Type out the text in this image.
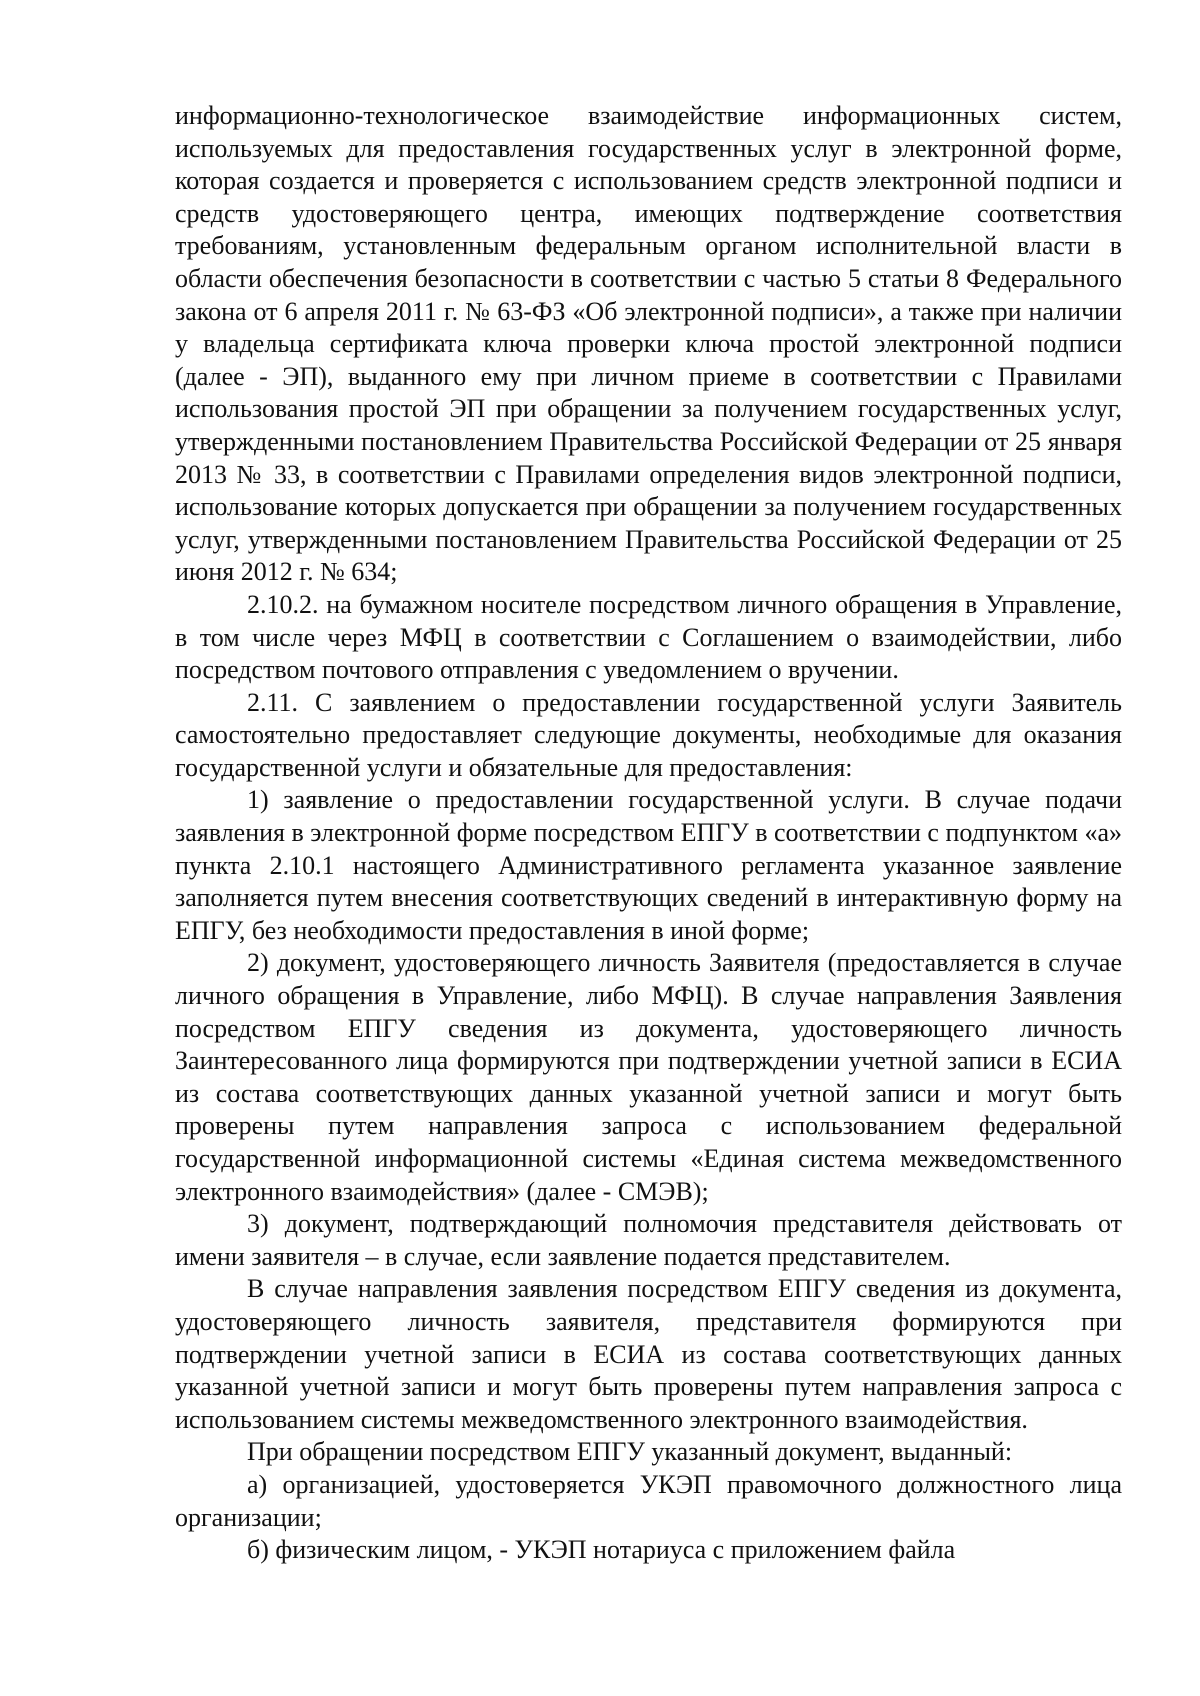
информационно-технологическое взаимодействие информационных систем, используемых для предоставления государственных услуг в электронной форме, которая создается и проверяется с использованием средств электронной подписи и средств удостоверяющего центра, имеющих подтверждение соответствия требованиям, установленным федеральным органом исполнительной власти в области обеспечения безопасности в соответствии с частью 5 статьи 8 Федерального закона от 6 апреля 2011 г. № 63-ФЗ «Об электронной подписи», а также при наличии у владельца сертификата ключа проверки ключа простой электронной подписи (далее - ЭП), выданного ему при личном приеме в соответствии с Правилами использования простой ЭП при обращении за получением государственных услуг, утвержденными постановлением Правительства Российской Федерации от 25 января 2013 № 33, в соответствии с Правилами определения видов электронной подписи, использование которых допускается при обращении за получением государственных услуг, утвержденными постановлением Правительства Российской Федерации от 25 июня 2012 г. № 634;

2.10.2. на бумажном носителе посредством личного обращения в Управление, в том числе через МФЦ в соответствии с Соглашением о взаимодействии, либо посредством почтового отправления с уведомлением о вручении.

2.11. С заявлением о предоставлении государственной услуги Заявитель самостоятельно предоставляет следующие документы, необходимые для оказания государственной услуги и обязательные для предоставления:

1) заявление о предоставлении государственной услуги. В случае подачи заявления в электронной форме посредством ЕПГУ в соответствии с подпунктом «а» пункта 2.10.1 настоящего Административного регламента указанное заявление заполняется путем внесения соответствующих сведений в интерактивную форму на ЕПГУ, без необходимости предоставления в иной форме;

2) документ, удостоверяющего личность Заявителя (предоставляется в случае личного обращения в Управление, либо МФЦ). В случае направления Заявления посредством ЕПГУ сведения из документа, удостоверяющего личность Заинтересованного лица формируются при подтверждении учетной записи в ЕСИА из состава соответствующих данных указанной учетной записи и могут быть проверены путем направления запроса с использованием федеральной государственной информационной системы «Единая система межведомственного электронного взаимодействия» (далее - СМЭВ);

3) документ, подтверждающий полномочия представителя действовать от имени заявителя – в случае, если заявление подается представителем.

В случае направления заявления посредством ЕПГУ сведения из документа, удостоверяющего личность заявителя, представителя формируются при подтверждении учетной записи в ЕСИА из состава соответствующих данных указанной учетной записи и могут быть проверены путем направления запроса с использованием системы межведомственного электронного взаимодействия.

При обращении посредством ЕПГУ указанный документ, выданный:

а) организацией, удостоверяется УКЭП правомочного должностного лица организации;

б) физическим лицом, - УКЭП нотариуса с приложением файла
